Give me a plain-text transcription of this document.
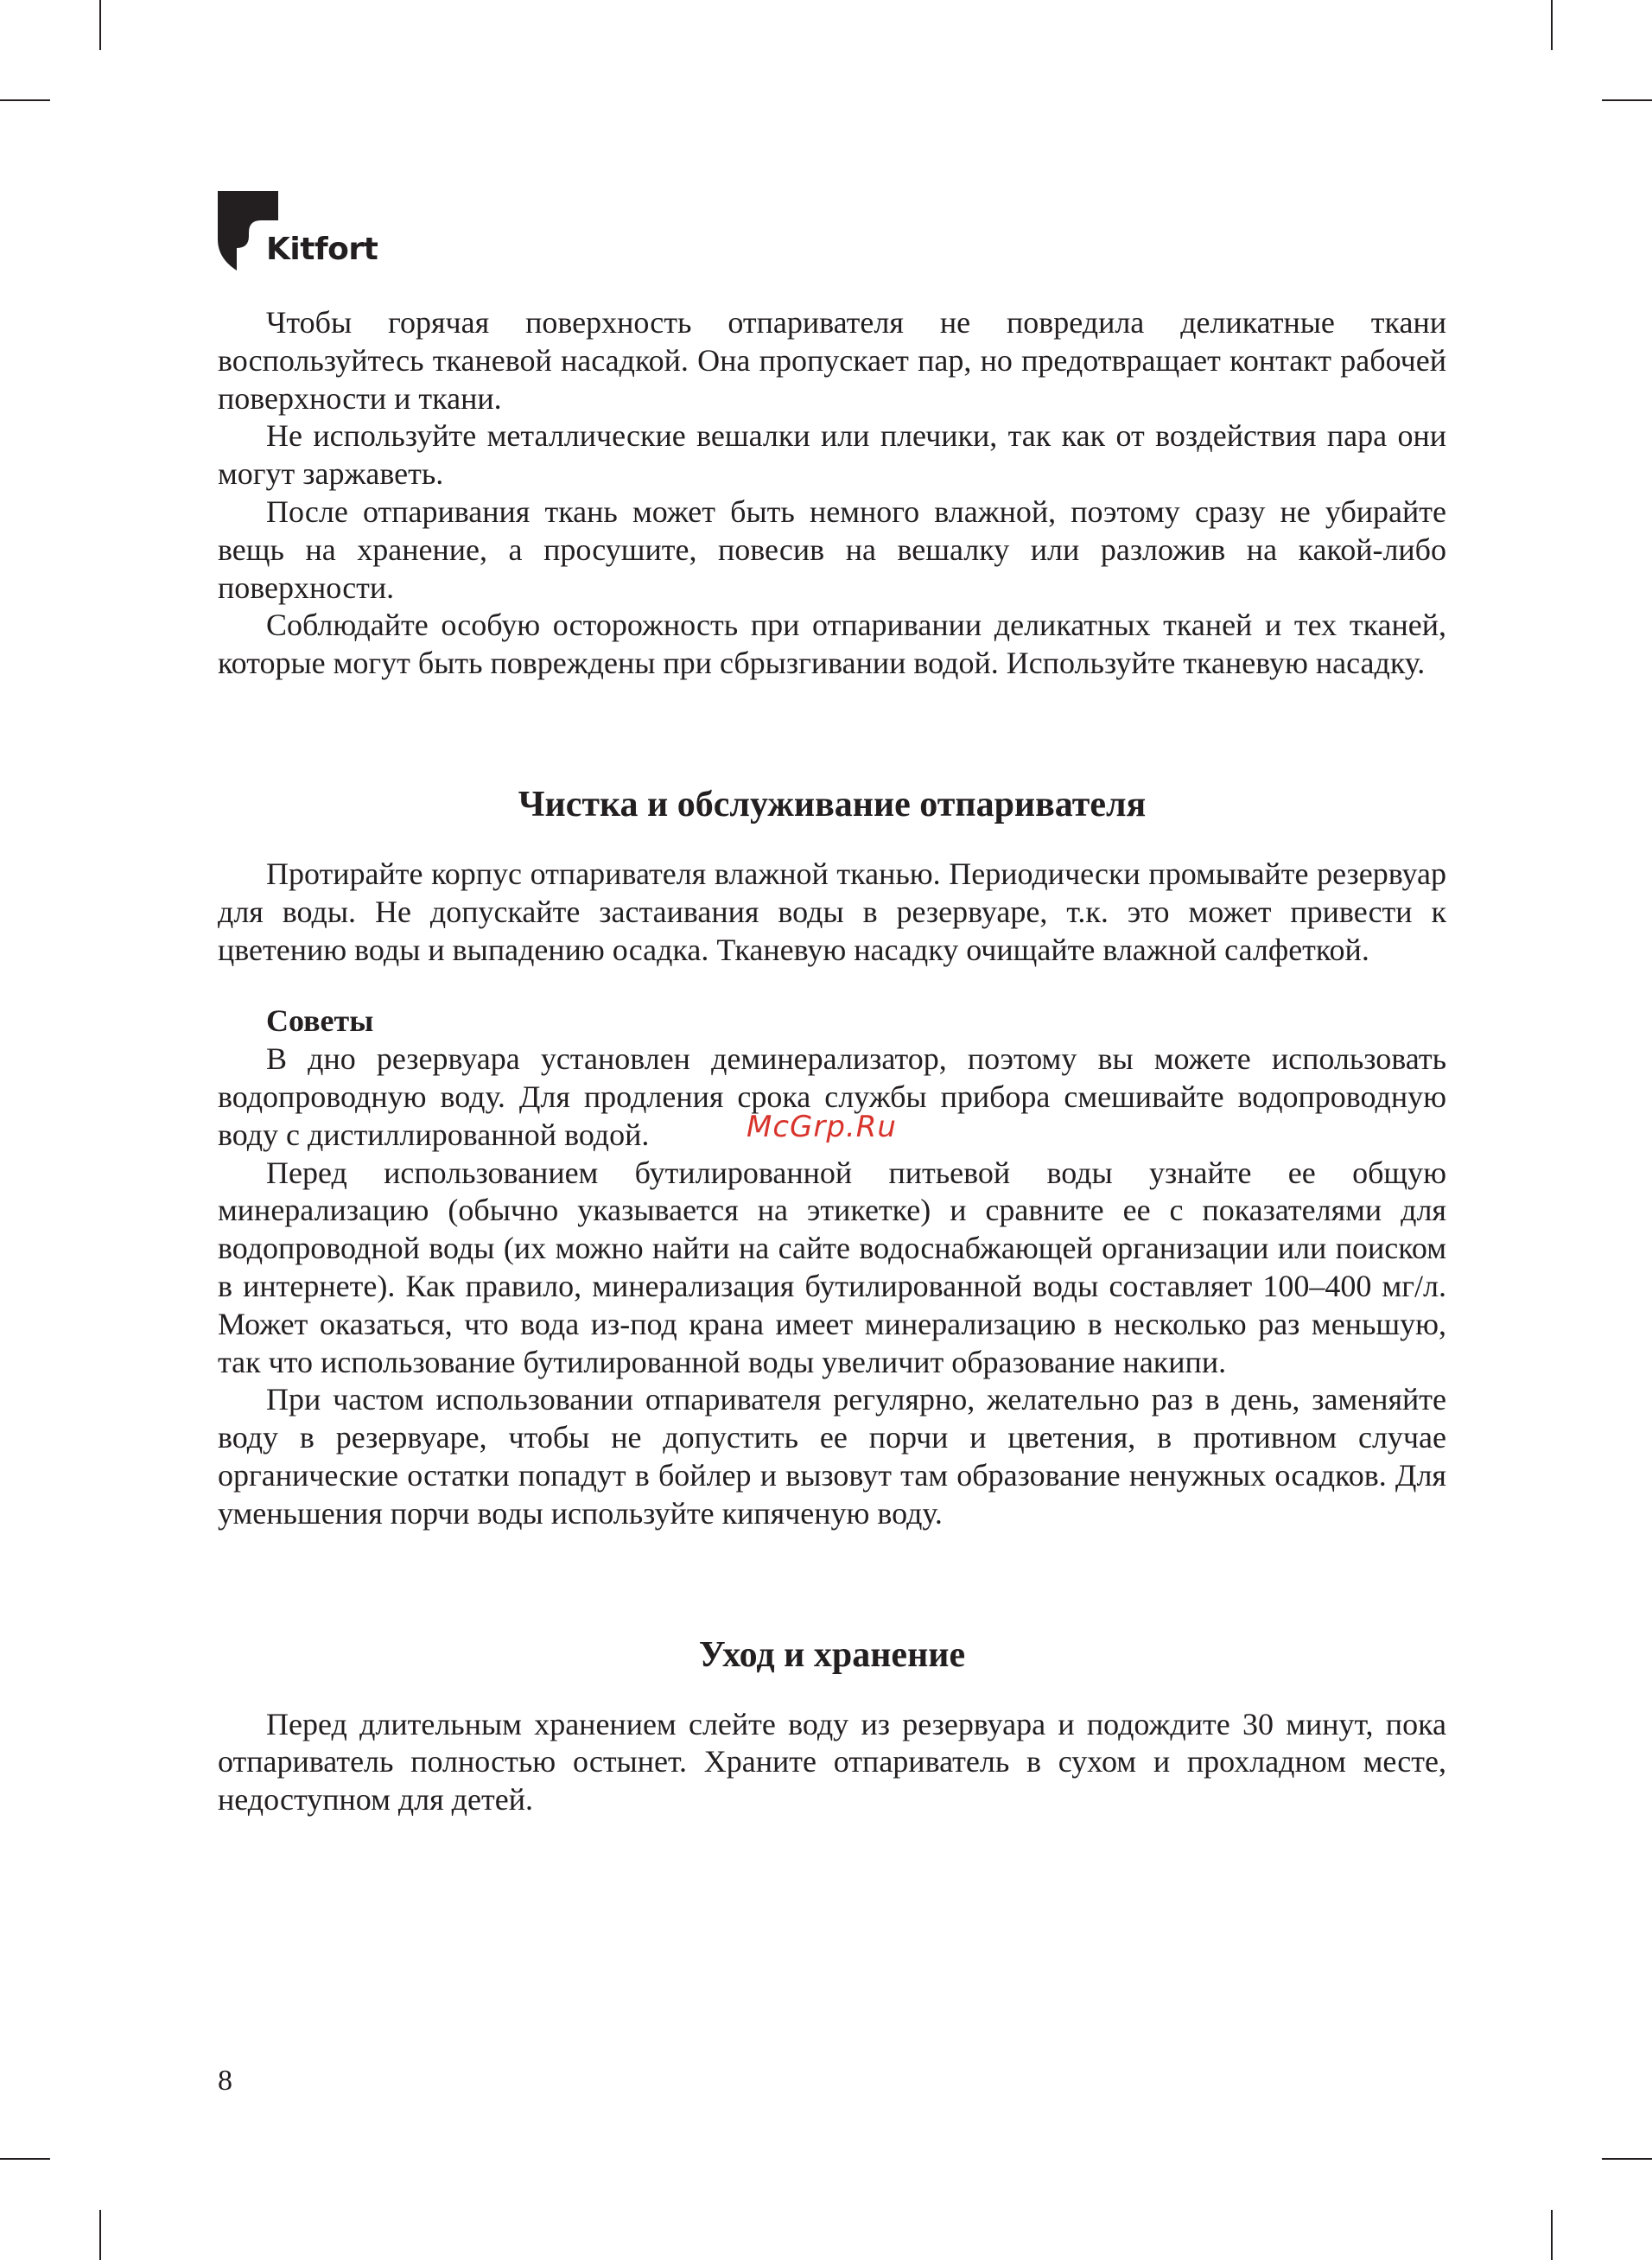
Kitfort

Чтобы горячая поверхность отпаривателя не повредила деликатные ткани воспользуйтесь тканевой насадкой. Она пропускает пар, но предотвращает контакт рабочей поверхности и ткани.

Не используйте металлические вешалки или плечики, так как от воздействия пара они могут заржаветь.

После отпаривания ткань может быть немного влажной, поэтому сразу не убирайте вещь на хранение, а просушите, повесив на вешалку или разложив на какой-либо поверхности.

Соблюдайте особую осторожность при отпаривании деликатных тканей и тех тканей, которые могут быть повреждены при сбрызгивании водой. Используйте тканевую насадку.

Чистка и обслуживание отпаривателя

Протирайте корпус отпаривателя влажной тканью. Периодически промывайте резервуар для воды. Не допускайте застаивания воды в резервуаре, т.к. это может привести к цветению воды и выпадению осадка. Тканевую насадку очищайте влажной салфеткой.

Советы

В дно резервуара установлен деминерализатор, поэтому вы можете использовать водопроводную воду. Для продления срока службы прибора смешивайте водопроводную воду с дистиллированной водой.

Перед использованием бутилированной питьевой воды узнайте ее общую минерализацию (обычно указывается на этикетке) и сравните ее с показателями для водопроводной воды (их можно найти на сайте водоснабжающей организации или поиском в интернете). Как правило, минерализация бутилированной воды составляет 100–400 мг/л. Может оказаться, что вода из-под крана имеет минерализацию в несколько раз меньшую, так что использование бутилированной воды увеличит образование накипи.

При частом использовании отпаривателя регулярно, желательно раз в день, заменяйте воду в резервуаре, чтобы не допустить ее порчи и цветения, в противном случае органические остатки попадут в бойлер и вызовут там образование ненужных осадков. Для уменьшения порчи воды используйте кипяченую воду.

Уход и хранение

Перед длительным хранением слейте воду из резервуара и подождите 30 минут, пока отпариватель полностью остынет. Храните отпариватель в сухом и прохладном месте, недоступном для детей.

McGrp.Ru
8
